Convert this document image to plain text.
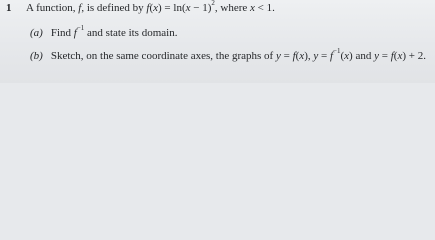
1 A function, f, is defined by $f(x) = \ln(x - 1)^2$, where x < 1.
(a) Find $f^{-1}$ and state its domain.
(b) Sketch, on the same coordinate axes, the graphs of y = f(x), $y = f^{-1}(x)$ and y = f(x) + 2.
